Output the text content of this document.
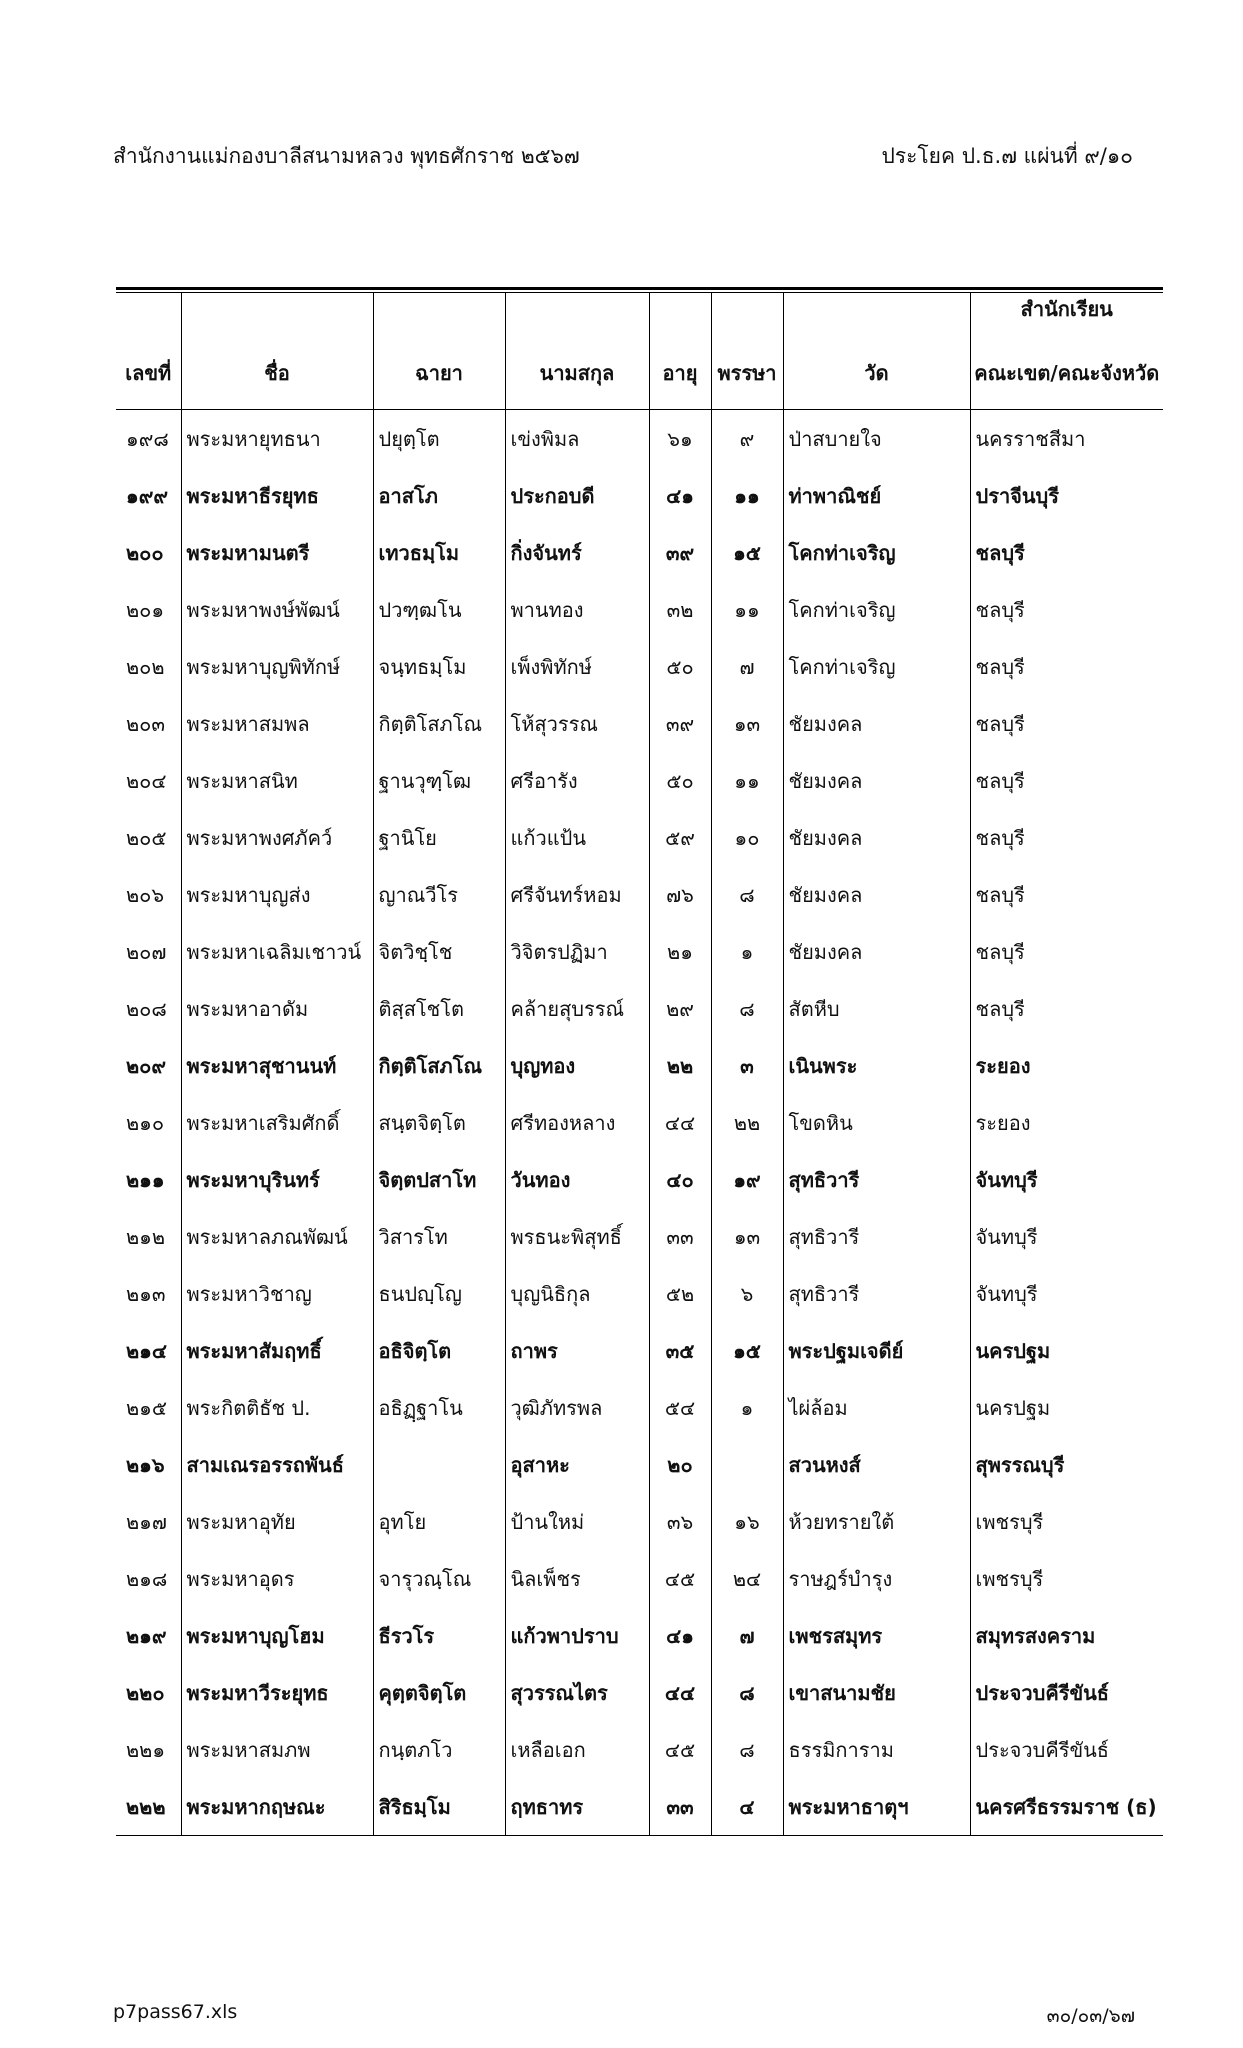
สำนักงานแม่กองบาลีสนามหลวง พุทธศักราช ๒๕๖๗	ประโยค ป.ธ.๗ แผ่นที่ ๙/๑๐
เลขที่	ชื่อ	ฉายา	นามสกุล	อายุ	พรรษา	วัด	สำนักเรียน
คณะเขต/คณะจังหวัด

๑๙๘	พระมหายุทธนา	ปยุตฺโต	เข่งพิมล	๖๑	๙	ป่าสบายใจ	นครราชสีมา
๑๙๙	พระมหาธีรยุทธ	อาสโภ	ประกอบดี	๔๑	๑๑	ท่าพาณิชย์	ปราจีนบุรี
๒๐๐	พระมหามนตรี	เทวธมฺโม	กิ่งจันทร์	๓๙	๑๕	โคกท่าเจริญ	ชลบุรี
๒๐๑	พระมหาพงษ์พัฒน์	ปวฑฺฒโน	พานทอง	๓๒	๑๑	โคกท่าเจริญ	ชลบุรี
๒๐๒	พระมหาบุญพิทักษ์	จนฺทธมฺโม	เพ็งพิทักษ์	๕๐	๗	โคกท่าเจริญ	ชลบุรี
๒๐๓	พระมหาสมพล	กิตฺติโสภโณ	โห้สุวรรณ	๓๙	๑๓	ชัยมงคล	ชลบุรี
๒๐๔	พระมหาสนิท	ฐานวุฑฺโฒ	ศรีอารัง	๕๐	๑๑	ชัยมงคล	ชลบุรี
๒๐๕	พระมหาพงศภัคว์	ฐานิโย	แก้วแป้น	๕๙	๑๐	ชัยมงคล	ชลบุรี
๒๐๖	พระมหาบุญส่ง	ญาณวีโร	ศรีจันทร์หอม	๗๖	๘	ชัยมงคล	ชลบุรี
๒๐๗	พระมหาเฉลิมเชาวน์	จิตวิชฺโช	วิจิตรปฏิมา	๒๑	๑	ชัยมงคล	ชลบุรี
๒๐๘	พระมหาอาดัม	ติสฺสโชโต	คล้ายสุบรรณ์	๒๙	๘	สัตหีบ	ชลบุรี
๒๐๙	พระมหาสุชานนท์	กิตฺติโสภโณ	บุญทอง	๒๒	๓	เนินพระ	ระยอง
๒๑๐	พระมหาเสริมศักดิ์	สนฺตจิตฺโต	ศรีทองหลาง	๔๔	๒๒	โขดหิน	ระยอง
๒๑๑	พระมหาบุรินทร์	จิตฺตปสาโท	วันทอง	๔๐	๑๙	สุทธิวารี	จันทบุรี
๒๑๒	พระมหาลภณพัฒน์	วิสารโท	พรธนะพิสุทธิ์	๓๓	๑๓	สุทธิวารี	จันทบุรี
๒๑๓	พระมหาวิชาญ	ธนปญฺโญ	บุญนิธิกุล	๕๒	๖	สุทธิวารี	จันทบุรี
๒๑๔	พระมหาสัมฤทธิ์	อธิจิตฺโต	ถาพร	๓๕	๑๕	พระปฐมเจดีย์	นครปฐม
๒๑๕	พระกิตติธัช ป.	อธิฏฺฐาโน	วุฒิภัทรพล	๕๔	๑	ไผ่ล้อม	นครปฐม
๒๑๖	สามเณรอรรถพันธ์		อุสาหะ	๒๐		สวนหงส์	สุพรรณบุรี
๒๑๗	พระมหาอุทัย	อุทโย	ป้านใหม่	๓๖	๑๖	ห้วยทรายใต้	เพชรบุรี
๒๑๘	พระมหาอุดร	จารุวณฺโณ	นิลเพ็ชร	๔๕	๒๔	ราษฎร์บำรุง	เพชรบุรี
๒๑๙	พระมหาบุญโฮม	ธีรวโร	แก้วพาปราบ	๔๑	๗	เพชรสมุทร	สมุทรสงคราม
๒๒๐	พระมหาวีระยุทธ	คุตฺตจิตฺโต	สุวรรณไตร	๔๔	๘	เขาสนามชัย	ประจวบคีรีขันธ์
๒๒๑	พระมหาสมภพ	กนฺตภโว	เหลือเอก	๔๕	๘	ธรรมิการาม	ประจวบคีรีขันธ์
๒๒๒	พระมหากฤษณะ	สิริธมฺโม	ฤทธาทร	๓๓	๔	พระมหาธาตุฯ	นครศรีธรรมราช (ธ)
p7pass67.xls	๓๐/๐๓/๖๗
